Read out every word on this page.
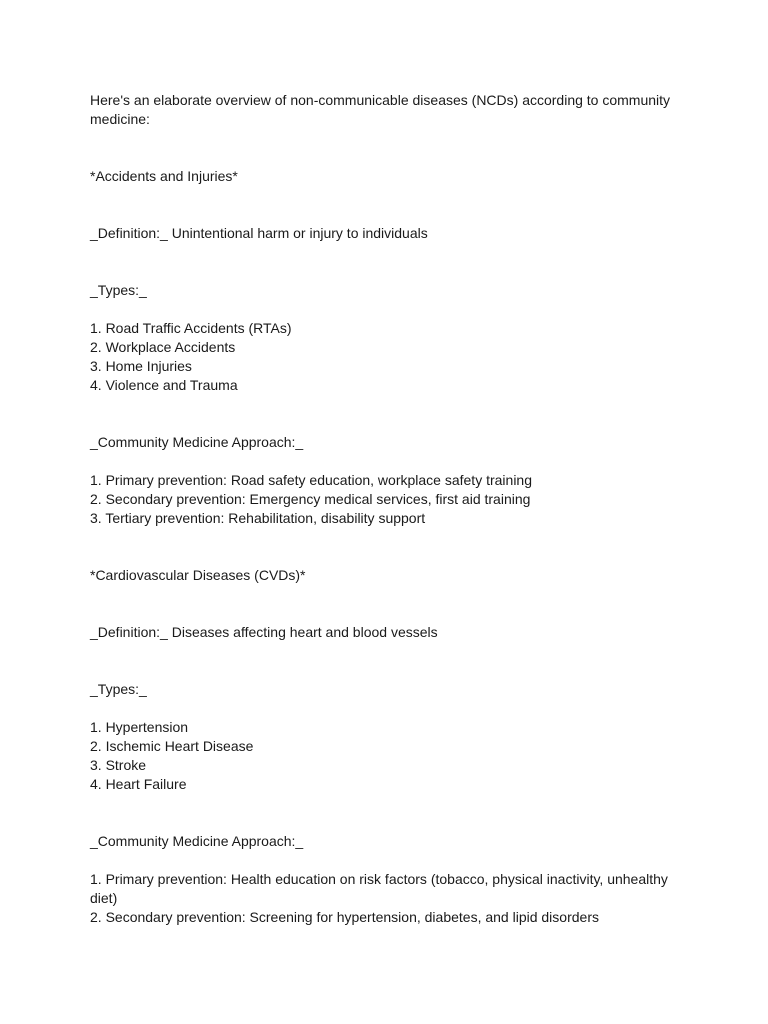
Here's an elaborate overview of non-communicable diseases (NCDs) according to community medicine:
*Accidents and Injuries*
_Definition:_ Unintentional harm or injury to individuals
_Types:_
1. Road Traffic Accidents (RTAs)
2. Workplace Accidents
3. Home Injuries
4. Violence and Trauma
_Community Medicine Approach:_
1. Primary prevention: Road safety education, workplace safety training
2. Secondary prevention: Emergency medical services, first aid training
3. Tertiary prevention: Rehabilitation, disability support
*Cardiovascular Diseases (CVDs)*
_Definition:_ Diseases affecting heart and blood vessels
_Types:_
1. Hypertension
2. Ischemic Heart Disease
3. Stroke
4. Heart Failure
_Community Medicine Approach:_
1. Primary prevention: Health education on risk factors (tobacco, physical inactivity, unhealthy diet)
2. Secondary prevention: Screening for hypertension, diabetes, and lipid disorders
